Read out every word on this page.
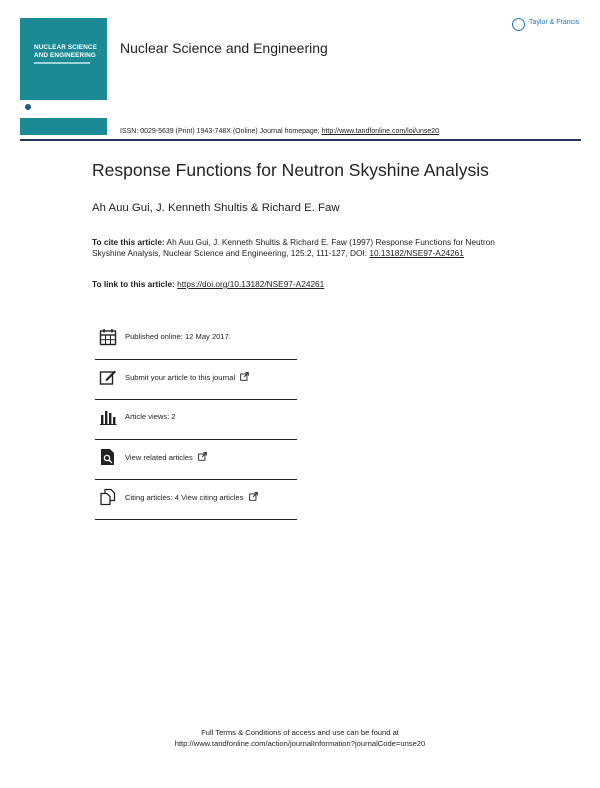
NUCLEAR SCIENCE
AND ENGINEERING	Nuclear Science and Engineering
Taylor & Francis
ISSN: 0029-5639 (Print) 1943-748X (Online) Journal homepage: http://www.tandfonline.com/loi/unse20
Response Functions for Neutron Skyshine Analysis
Ah Auu Gui, J. Kenneth Shultis & Richard E. Faw
To cite this article: Ah Auu Gui, J. Kenneth Shultis & Richard E. Faw (1997) Response Functions for Neutron Skyshine Analysis, Nuclear Science and Engineering, 125:2, 111-127, DOI: 10.13182/NSE97-A24261
To link to this article: https://doi.org/10.13182/NSE97-A24261
Published online: 12 May 2017.
Submit your article to this journal
Article views: 2
View related articles
Citing articles: 4 View citing articles
Full Terms & Conditions of access and use can be found at
http://www.tandfonline.com/action/journalInformation?journalCode=unse20
